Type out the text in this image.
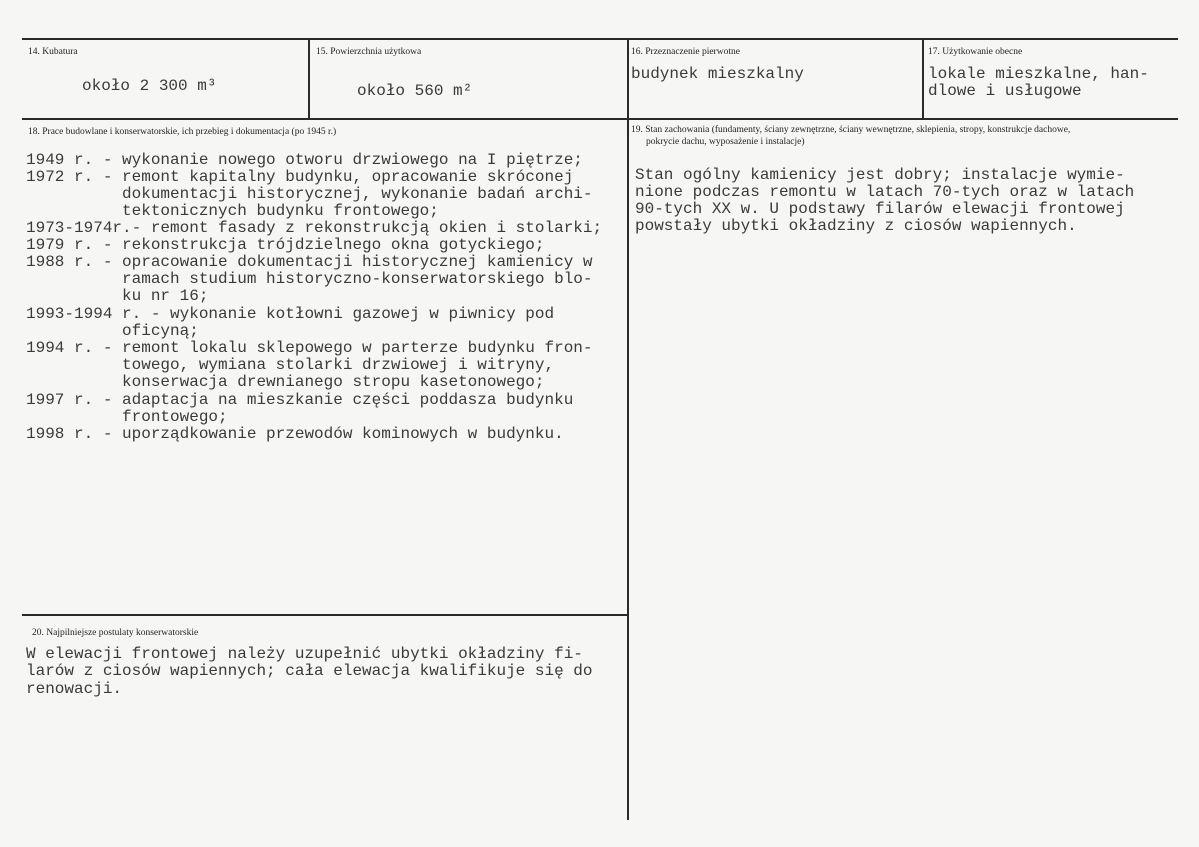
14. Kubatura
około 2 300 m³
15. Powierzchnia użytkowa
około 560 m²
16. Przeznaczenie pierwotne
budynek mieszkalny
17. Użytkowanie obecne
lokale mieszkalne, han-
dlowe i usługowe
18. Prace budowlane i konserwatorskie, ich przebieg i dokumentacja (po 1945 r.)
1949 r. - wykonanie nowego otworu drzwiowego na I piętrze;
1972 r. - remont kapitalny budynku, opracowanie skróconej
dokumentacji historycznej, wykonanie badań archi-
tektonicznych budynku frontowego;
1973-1974r.- remont fasady z rekonstrukcją okien i stolarki;
1979 r. - rekonstrukcja trójdzielnego okna gotyckiego;
1988 r. - opracowanie dokumentacji historycznej kamienicy w
ramach studium historyczno-konserwatorskiego blo-
ku nr 16;
1993-1994 r. - wykonanie kotłowni gazowej w piwnicy pod
oficyną;
1994 r. - remont lokalu sklepowego w parterze budynku fron-
towego, wymiana stolarki drzwiowej i witryny,
konserwacja drewnianego stropu kasetonowego;
1997 r. - adaptacja na mieszkanie części poddasza budynku
frontowego;
1998 r. - uporządkowanie przewodów kominowych w budynku.
19. Stan zachowania (fundamenty, ściany zewnętrzne, ściany wewnętrzne, sklepienia, stropy, konstrukcje dachowe,
pokrycie dachu, wyposażenie i instalacje)
Stan ogólny kamienicy jest dobry; instalacje wymie-
nione podczas remontu w latach 70-tych oraz w latach
90-tych XX w. U podstawy filarów elewacji frontowej
powstały ubytki okładziny z ciosów wapiennych.
20. Najpilniejsze postulaty konserwatorskie
W elewacji frontowej należy uzupełnić ubytki okładziny fi-
larów z ciosów wapiennych; cała elewacja kwalifikuje się do
renowacji.
